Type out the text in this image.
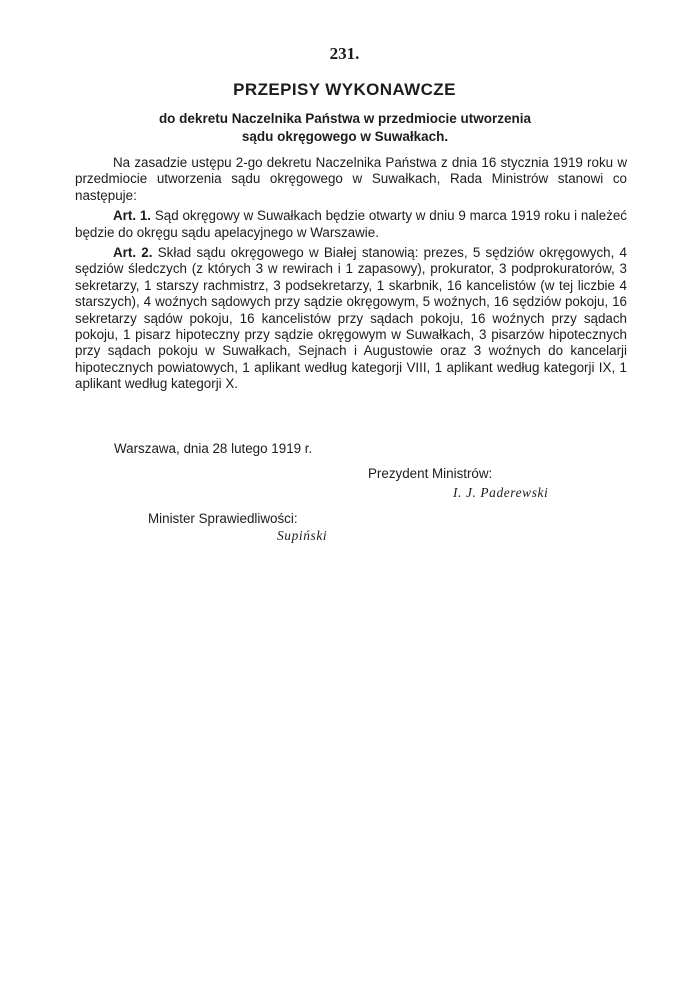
231.
PRZEPISY WYKONAWCZE
do dekretu Naczelnika Państwa w przedmiocie utworzenia
sądu okręgowego w Suwałkach.

Na zasadzie ustępu 2-go dekretu Naczelnika Państwa z dnia 16 stycznia 1919 roku w przedmiocie utworzenia sądu okręgowego w Suwałkach, Rada Ministrów stanowi co następuje:

Art. 1. Sąd okręgowy w Suwałkach będzie otwarty w dniu 9 marca 1919 roku i należeć będzie do okręgu sądu apelacyjnego w Warszawie.

Art. 2. Skład sądu okręgowego w Białej stanowią: prezes, 5 sędziów okręgowych, 4 sędziów śledczych (z których 3 w rewirach i 1 zapasowy), prokurator, 3 podprokuratorów, 3 sekretarzy, 1 starszy rachmistrz, 3 podsekretarzy, 1 skarbnik, 16 kancelistów (w tej liczbie 4 starszych), 4 woźnych sądowych przy sądzie okręgowym, 5 woźnych, 16 sędziów pokoju, 16 sekretarzy sądów pokoju, 16 kancelistów przy sądach pokoju, 16 woźnych przy sądach pokoju, 1 pisarz hipoteczny przy sądzie okręgowym w Suwałkach, 3 pisarzów hipotecznych przy sądach pokoju w Suwałkach, Sejnach i Augustowie oraz 3 woźnych do kancelarji hipotecznych powiatowych, 1 aplikant według kategorji VIII, 1 aplikant według kategorji IX, 1 aplikant według kategorji X.

Warszawa, dnia 28 lutego 1919 r.
Prezydent Ministrów:
I. J. Paderewski
Minister Sprawiedliwości:
Supiński
